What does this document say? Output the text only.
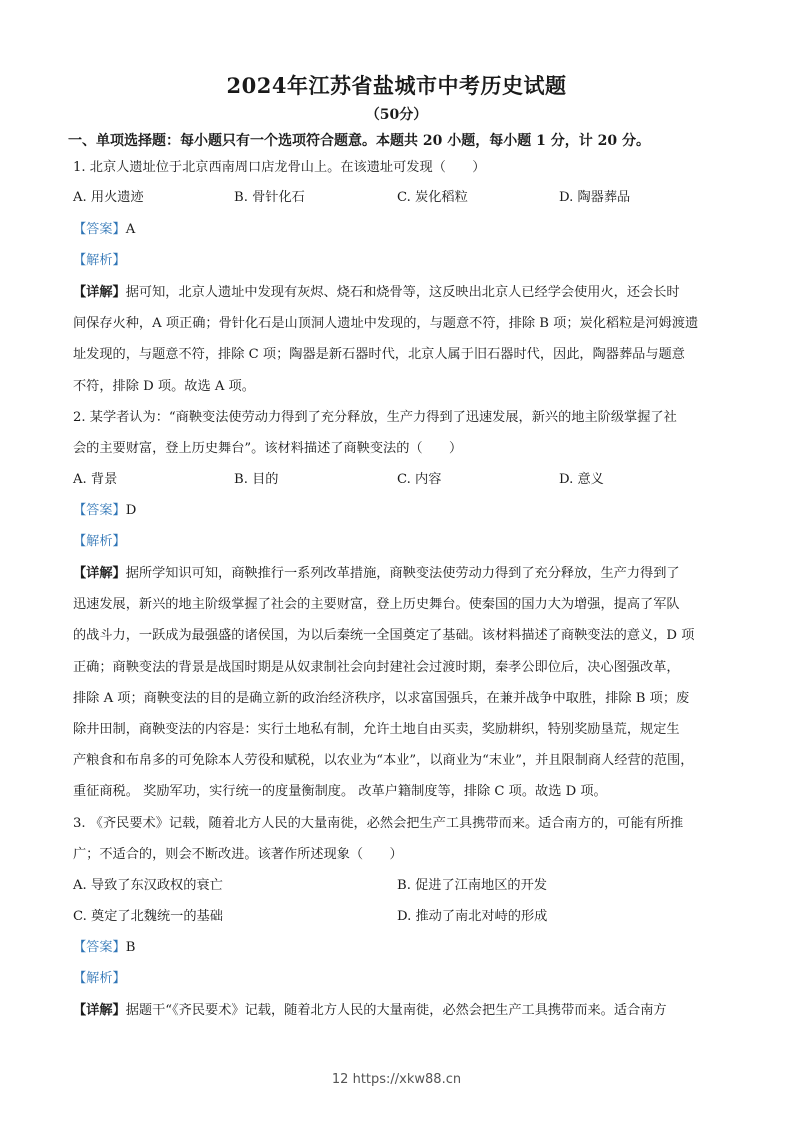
2024年江苏省盐城市中考历史试题
（50分）
一、单项选择题：每小题只有一个选项符合题意。本题共 20 小题，每小题 1 分，计 20 分。
1. 北京人遗址位于北京西南周口店龙骨山上。在该遗址可发现（　　）
A. 用火遗迹	B. 骨针化石	C. 炭化稻粒	D. 陶器葬品
【答案】A
【解析】
【详解】据可知，北京人遗址中发现有灰烬、烧石和烧骨等，这反映出北京人已经学会使用火，还会长时
间保存火种，A 项正确；骨针化石是山顶洞人遗址中发现的，与题意不符，排除 B 项；炭化稻粒是河姆渡遗
址发现的，与题意不符，排除 C 项；陶器是新石器时代，北京人属于旧石器时代，因此，陶器葬品与题意
不符，排除 D 项。故选 A 项。
2. 某学者认为：“商鞅变法使劳动力得到了充分释放，生产力得到了迅速发展，新兴的地主阶级掌握了社
会的主要财富，登上历史舞台”。该材料描述了商鞅变法的（　　）
A. 背景	B. 目的	C. 内容	D. 意义
【答案】D
【解析】
【详解】据所学知识可知，商鞅推行一系列改革措施，商鞅变法使劳动力得到了充分释放，生产力得到了
迅速发展，新兴的地主阶级掌握了社会的主要财富，登上历史舞台。使秦国的国力大为增强，提高了军队
的战斗力，一跃成为最强盛的诸侯国，为以后秦统一全国奠定了基础。该材料描述了商鞅变法的意义，D 项
正确；商鞅变法的背景是战国时期是从奴隶制社会向封建社会过渡时期，秦孝公即位后，决心图强改革，
排除 A 项；商鞅变法的目的是确立新的政治经济秩序，以求富国强兵，在兼并战争中取胜，排除 B 项；废
除井田制，商鞅变法的内容是：实行土地私有制，允许土地自由买卖，奖励耕织，特别奖励垦荒，规定生
产粮食和布帛多的可免除本人劳役和赋税，以农业为“本业”，以商业为“末业”，并且限制商人经营的范围，
重征商税。 奖励军功，实行统一的度量衡制度。 改革户籍制度等，排除 C 项。故选 D 项。
3. 《齐民要术》记载，随着北方人民的大量南徙，必然会把生产工具携带而来。适合南方的，可能有所推
广；不适合的，则会不断改进。该著作所述现象（　　）
A. 导致了东汉政权的衰亡	B. 促进了江南地区的开发
C. 奠定了北魏统一的基础	D. 推动了南北对峙的形成
【答案】B
【解析】
【详解】据题干“《齐民要术》记载，随着北方人民的大量南徙，必然会把生产工具携带而来。适合南方
12 https://xkw88.cn
